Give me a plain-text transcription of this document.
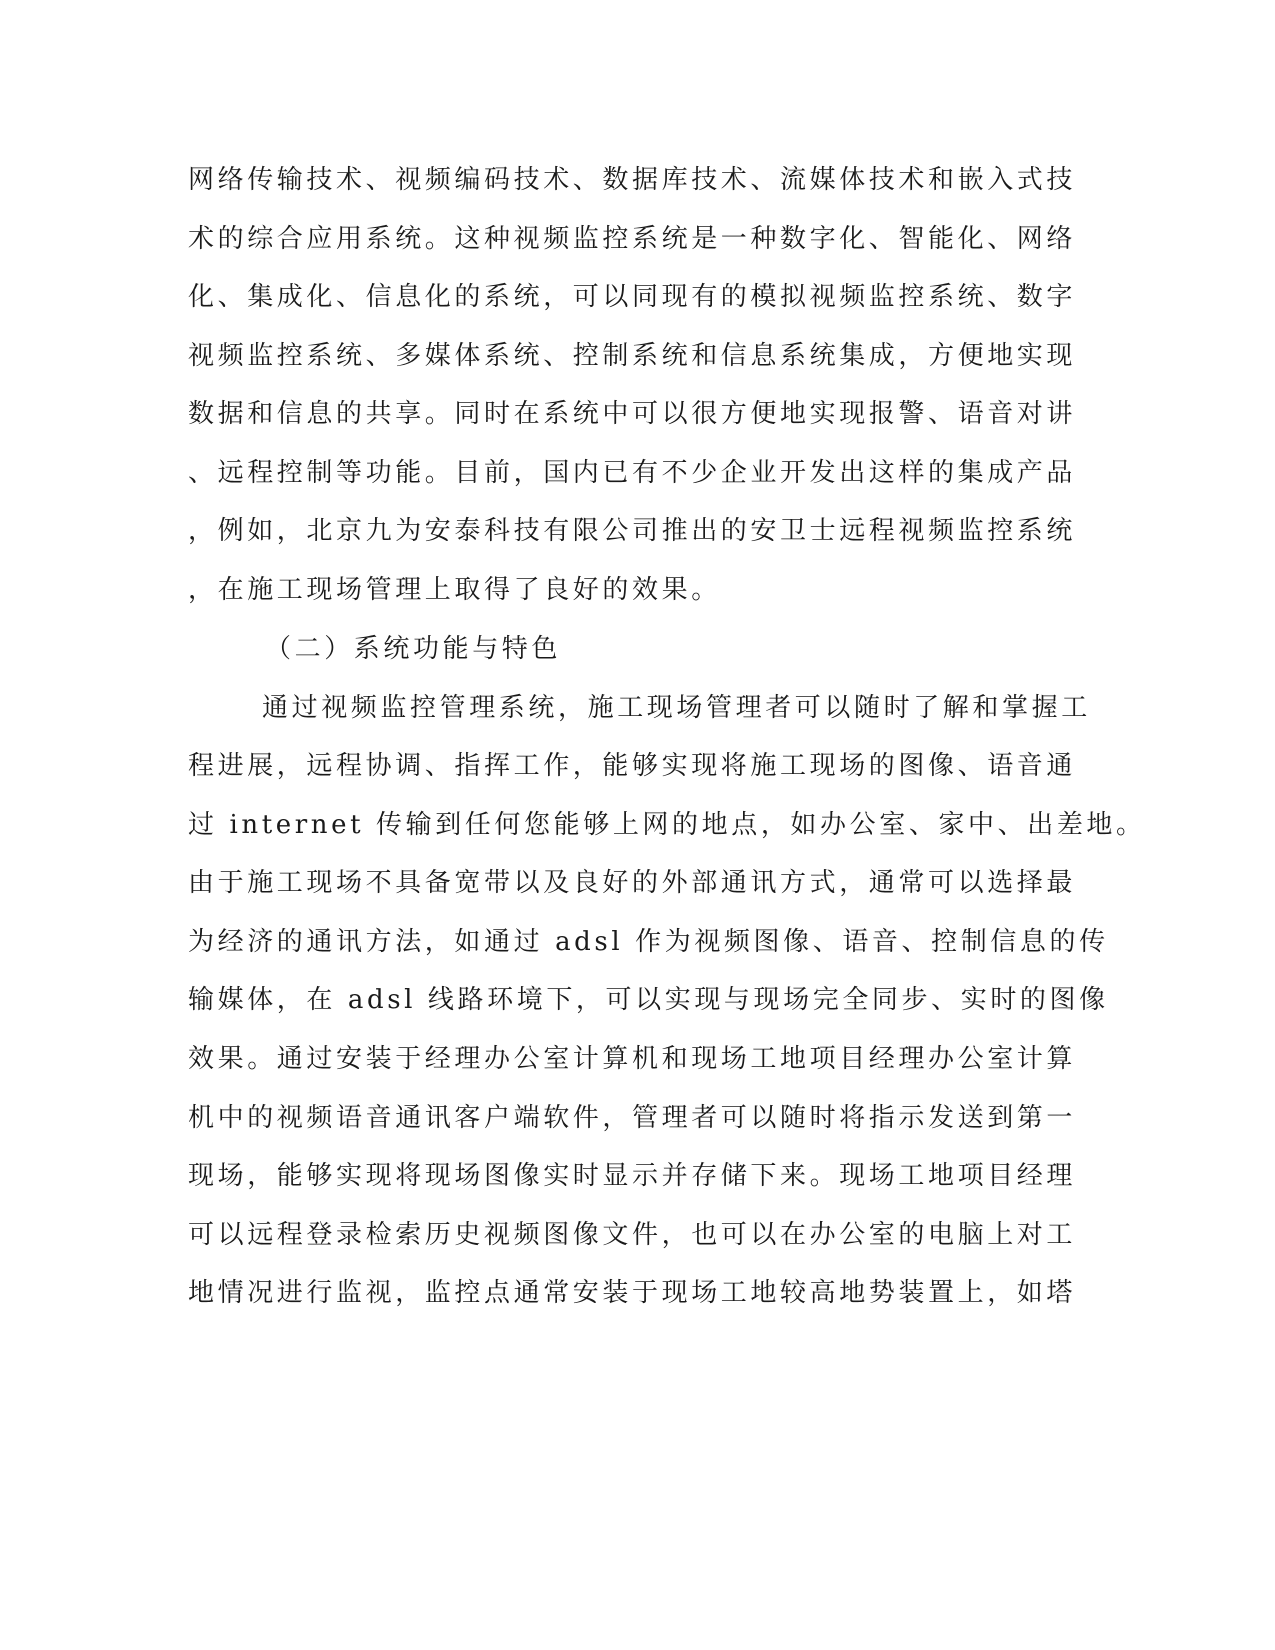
网络传输技术、视频编码技术、数据库技术、流媒体技术和嵌入式技
术的综合应用系统。这种视频监控系统是一种数字化、智能化、网络
化、集成化、信息化的系统，可以同现有的模拟视频监控系统、数字
视频监控系统、多媒体系统、控制系统和信息系统集成，方便地实现
数据和信息的共享。同时在系统中可以很方便地实现报警、语音对讲
、远程控制等功能。目前，国内已有不少企业开发出这样的集成产品
，例如，北京九为安泰科技有限公司推出的安卫士远程视频监控系统
，在施工现场管理上取得了良好的效果。
（二）系统功能与特色
通过视频监控管理系统，施工现场管理者可以随时了解和掌握工
程进展，远程协调、指挥工作，能够实现将施工现场的图像、语音通
过 internet 传输到任何您能够上网的地点，如办公室、家中、出差地。
由于施工现场不具备宽带以及良好的外部通讯方式，通常可以选择最
为经济的通讯方法，如通过 adsl 作为视频图像、语音、控制信息的传
输媒体，在 adsl 线路环境下，可以实现与现场完全同步、实时的图像
效果。通过安装于经理办公室计算机和现场工地项目经理办公室计算
机中的视频语音通讯客户端软件，管理者可以随时将指示发送到第一
现场，能够实现将现场图像实时显示并存储下来。现场工地项目经理
可以远程登录检索历史视频图像文件，也可以在办公室的电脑上对工
地情况进行监视，监控点通常安装于现场工地较高地势装置上，如塔
